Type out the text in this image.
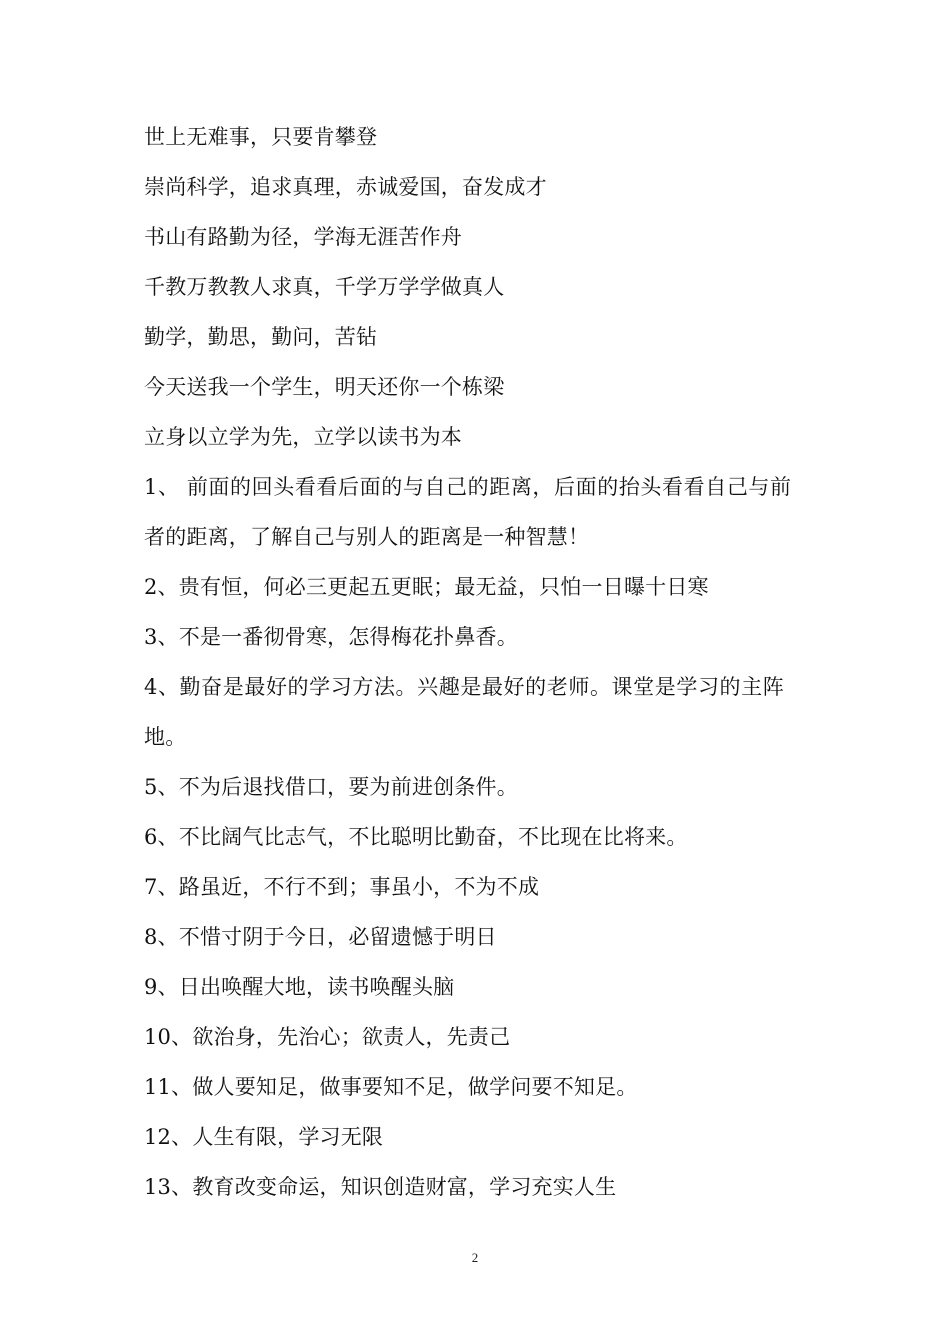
世上无难事，只要肯攀登
崇尚科学，追求真理，赤诚爱国，奋发成才
书山有路勤为径，学海无涯苦作舟
千教万教教人求真，千学万学学做真人
勤学，勤思，勤问，苦钻
今天送我一个学生，明天还你一个栋梁
立身以立学为先，立学以读书为本
1、 前面的回头看看后面的与自己的距离，后面的抬头看看自己与前
者的距离，了解自己与别人的距离是一种智慧！
2、贵有恒，何必三更起五更眠；最无益，只怕一日曝十日寒
3、不是一番彻骨寒，怎得梅花扑鼻香。
4、勤奋是最好的学习方法。兴趣是最好的老师。课堂是学习的主阵
地。
5、不为后退找借口，要为前进创条件。
6、不比阔气比志气，不比聪明比勤奋，不比现在比将来。
7、路虽近，不行不到；事虽小，不为不成
8、不惜寸阴于今日，必留遗憾于明日
9、日出唤醒大地，读书唤醒头脑
10、欲治身，先治心；欲责人，先责己
11、做人要知足，做事要知不足，做学问要不知足。
12、人生有限，学习无限
13、教育改变命运，知识创造财富，学习充实人生
2
